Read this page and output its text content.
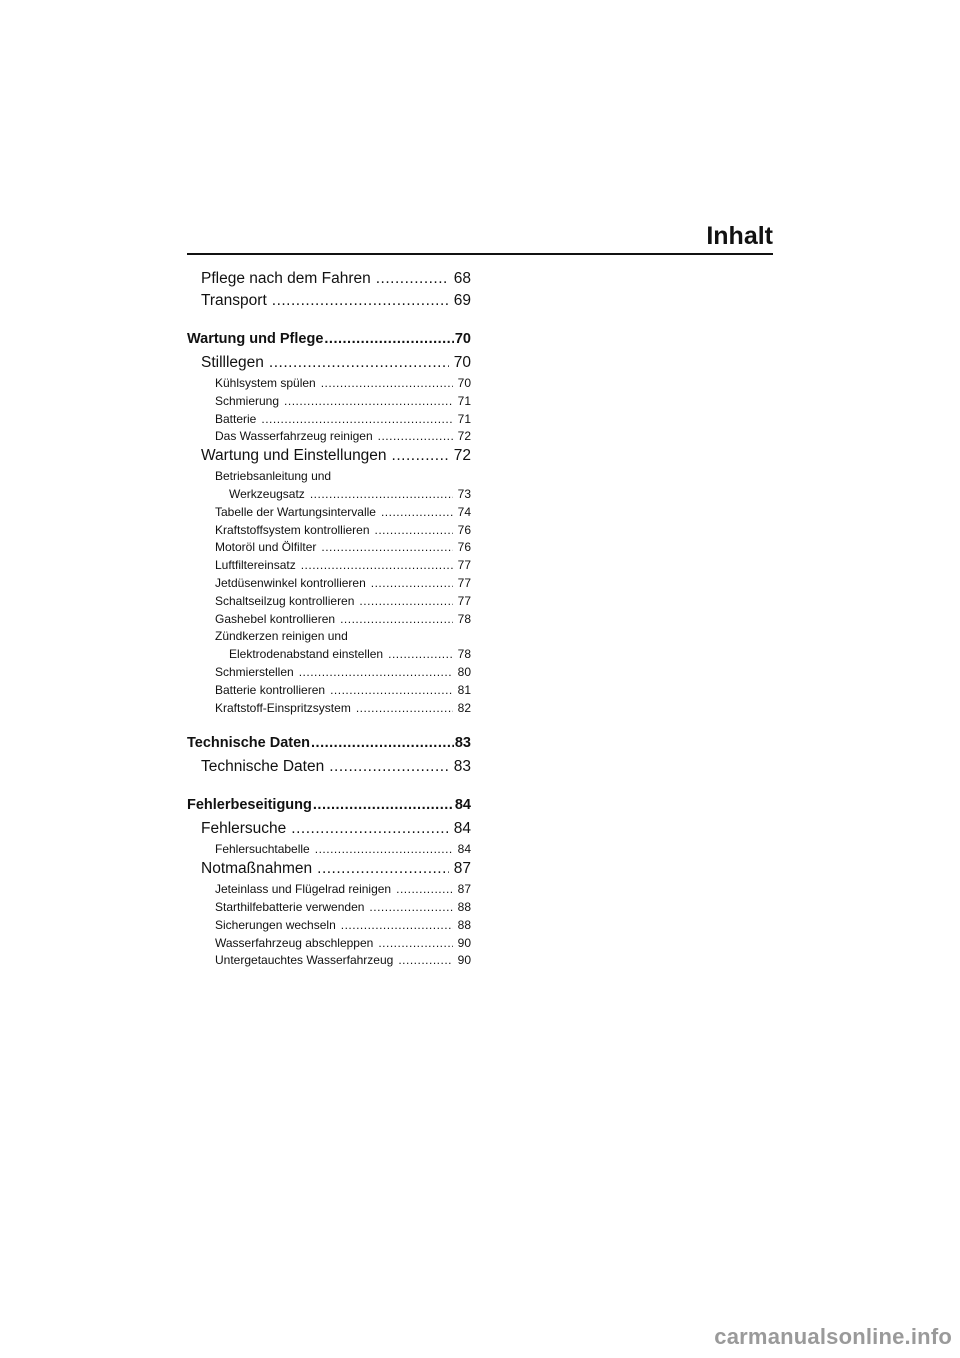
Inhalt
Pflege nach dem Fahren .....	68
Transport .....	69
Wartung und Pflege .....	70
Stilllegen .....	70
Kühlsystem spülen .....	70
Schmierung .....	71
Batterie .....	71
Das Wasserfahrzeug reinigen .....	72
Wartung und Einstellungen .....	72
Betriebsanleitung und
Werkzeugsatz .....	73
Tabelle der Wartungsintervalle .....	74
Kraftstoffsystem kontrollieren .....	76
Motoröl und Ölfilter .....	76
Luftfiltereinsatz .....	77
Jetdüsenwinkel kontrollieren .....	77
Schaltseilzug kontrollieren .....	77
Gashebel kontrollieren .....	78
Zündkerzen reinigen und
Elektrodenabstand einstellen .....	78
Schmierstellen .....	80
Batterie kontrollieren .....	81
Kraftstoff-Einspritzsystem .....	82
Technische Daten .....	83
Technische Daten .....	83
Fehlerbeseitigung .....	84
Fehlersuche .....	84
Fehlersuchtabelle .....	84
Notmaßnahmen .....	87
Jeteinlass und Flügelrad reinigen .....	87
Starthilfebatterie verwenden .....	88
Sicherungen wechseln .....	88
Wasserfahrzeug abschleppen .....	90
Untergetauchtes Wasserfahrzeug .....	90
carmanualsonline.info
